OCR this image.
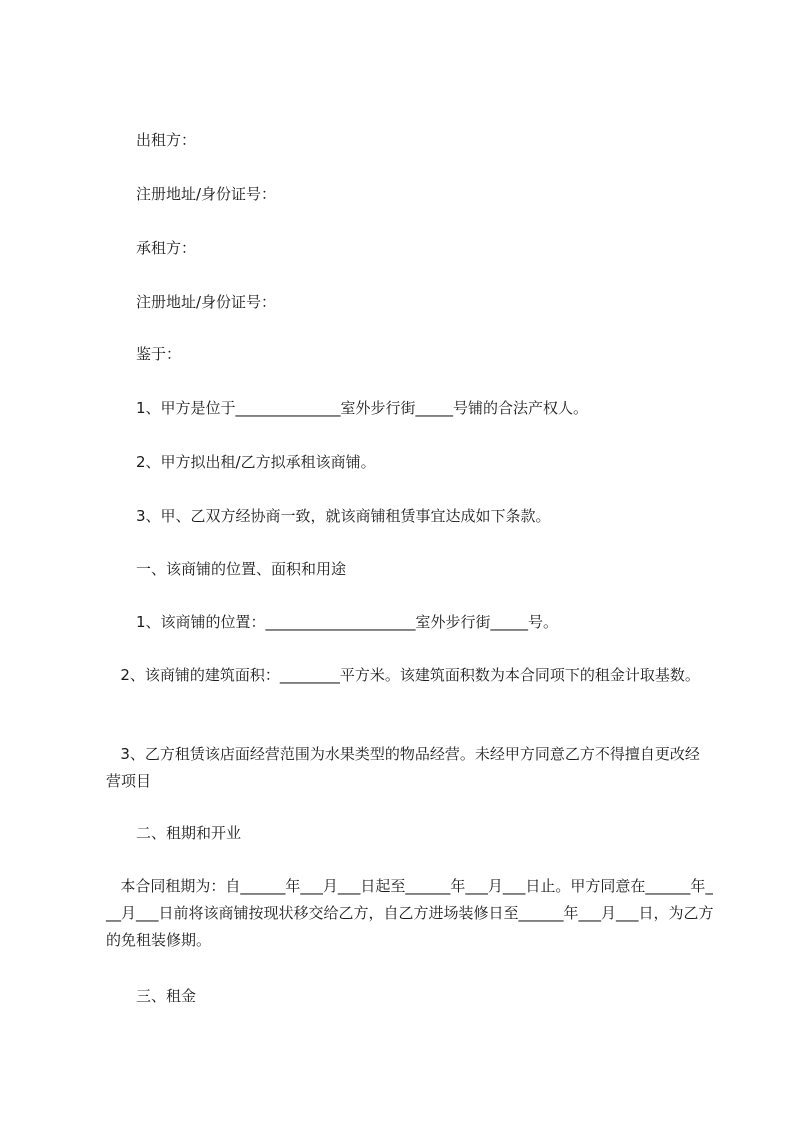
出租方：
注册地址/身份证号：
承租方：
注册地址/身份证号：
鉴于：
1、甲方是位于______________室外步行街_____号铺的合法产权人。
2、甲方拟出租/乙方拟承租该商铺。
3、甲、乙双方经协商一致，就该商铺租赁事宜达成如下条款。
一、该商铺的位置、面积和用途
1、该商铺的位置：____________________室外步行街_____号。
2、该商铺的建筑面积：________平方米。该建筑面积数为本合同项下的租金计取基数。
3、乙方租赁该店面经营范围为水果类型的物品经营。未经甲方同意乙方不得擅自更改经营项目
二、租期和开业
本合同租期为：自______年___月___日起至______年___月___日止。甲方同意在______年___月___日前将该商铺按现状移交给乙方，自乙方进场装修日至______年___月___日，为乙方的免租装修期。
三、租金
